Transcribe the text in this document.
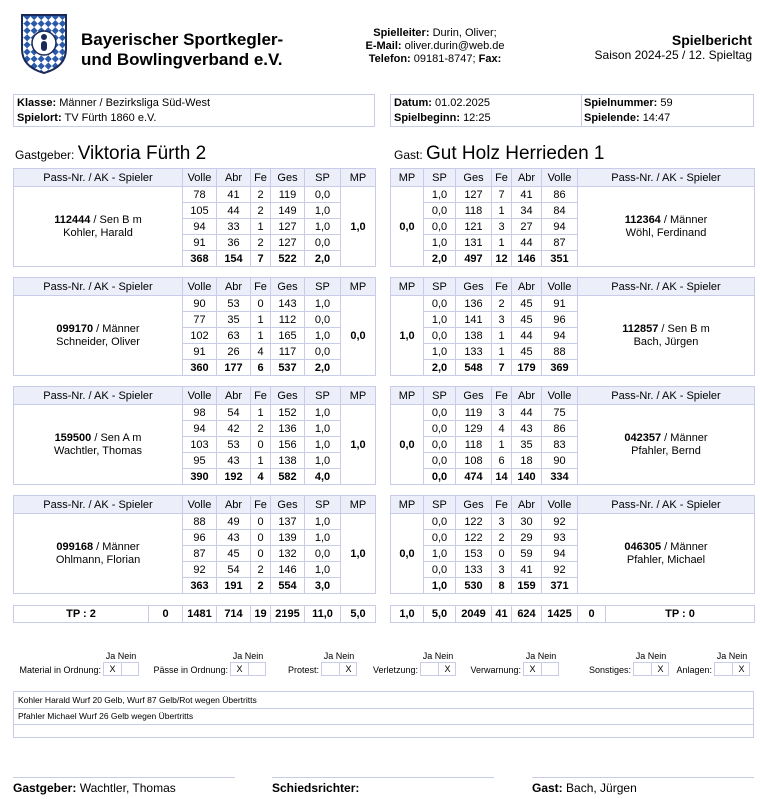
Bayerischer Sportkegler-
und Bowlingverband e.V.
Spielleiter: Durin, Oliver;
E-Mail: oliver.durin@web.de
Telefon: 09181-8747; Fax:
Spielbericht
Saison 2024-25 / 12. Spieltag
Klasse: Männer / Bezirksliga Süd-West
Spielort: TV Fürth 1860 e.V.
Datum: 01.02.2025
Spielbeginn: 12:25
Spielnummer: 59
Spielende: 14:47
Gastgeber: Viktoria Fürth 2	Gast: Gut Holz Herrieden 1
Pass-Nr. / AK - Spieler	Volle	Abr	Fe	Ges	SP	MP
112444 / Sen B m
Kohler, Harald	78	41	2	119	0,0	1,0
	105	44	2	149	1,0	
	94	33	1	127	1,0	
	91	36	2	127	0,0	
	368	154	7	522	2,0	
MP	SP	Ges	Fe	Abr	Volle	Pass-Nr. / AK - Spieler
0,0	1,0	127	7	41	86	112364 / Männer
Wöhl, Ferdinand
	0,0	118	1	34	84	
	0,0	121	3	27	94	
	1,0	131	1	44	87	
	2,0	497	12	146	351	
Pass-Nr. / AK - Spieler	Volle	Abr	Fe	Ges	SP	MP
099170 / Männer
Schneider, Oliver	90	53	0	143	1,0	0,0
	77	35	1	112	0,0	
	102	63	1	165	1,0	
	91	26	4	117	0,0	
	360	177	6	537	2,0	
MP	SP	Ges	Fe	Abr	Volle	Pass-Nr. / AK - Spieler
1,0	0,0	136	2	45	91	112857 / Sen B m
Bach, Jürgen
	1,0	141	3	45	96	
	0,0	138	1	44	94	
	1,0	133	1	45	88	
	2,0	548	7	179	369	
Pass-Nr. / AK - Spieler	Volle	Abr	Fe	Ges	SP	MP
159500 / Sen A m
Wachtler, Thomas	98	54	1	152	1,0	1,0
	94	42	2	136	1,0	
	103	53	0	156	1,0	
	95	43	1	138	1,0	
	390	192	4	582	4,0	
MP	SP	Ges	Fe	Abr	Volle	Pass-Nr. / AK - Spieler
0,0	0,0	119	3	44	75	042357 / Männer
Pfahler, Bernd
	0,0	129	4	43	86	
	0,0	118	1	35	83	
	0,0	108	6	18	90	
	0,0	474	14	140	334	
Pass-Nr. / AK - Spieler	Volle	Abr	Fe	Ges	SP	MP
099168 / Männer
Ohlmann, Florian	88	49	0	137	1,0	1,0
	96	43	0	139	1,0	
	87	45	0	132	0,0	
	92	54	2	146	1,0	
	363	191	2	554	3,0	
MP	SP	Ges	Fe	Abr	Volle	Pass-Nr. / AK - Spieler
0,0	0,0	122	3	30	92	046305 / Männer
Pfahler, Michael
	0,0	122	2	29	93	
	1,0	153	0	59	94	
	0,0	133	3	41	92	
	1,0	530	8	159	371	
TP : 2	0	1481	714	19	2195	11,0	5,0	1,0	5,0	2049	41	624	1425	0	TP : 0
Ja Nein
Material in Ordnung: X
Ja Nein
Pässe in Ordnung: X
Ja Nein
Protest:	X
Ja Nein
Verletzung:	X
Ja Nein
Verwarnung: X
Ja Nein
Sonstiges:	X
Ja Nein
Anlagen:	X
Kohler Harald Wurf 20 Gelb, Wurf 87 Gelb/Rot wegen Übertritts
Pfahler Michael Wurf 26 Gelb wegen Übertritts
Gastgeber: Wachtler, Thomas	Schiedsrichter:	Gast: Bach, Jürgen
